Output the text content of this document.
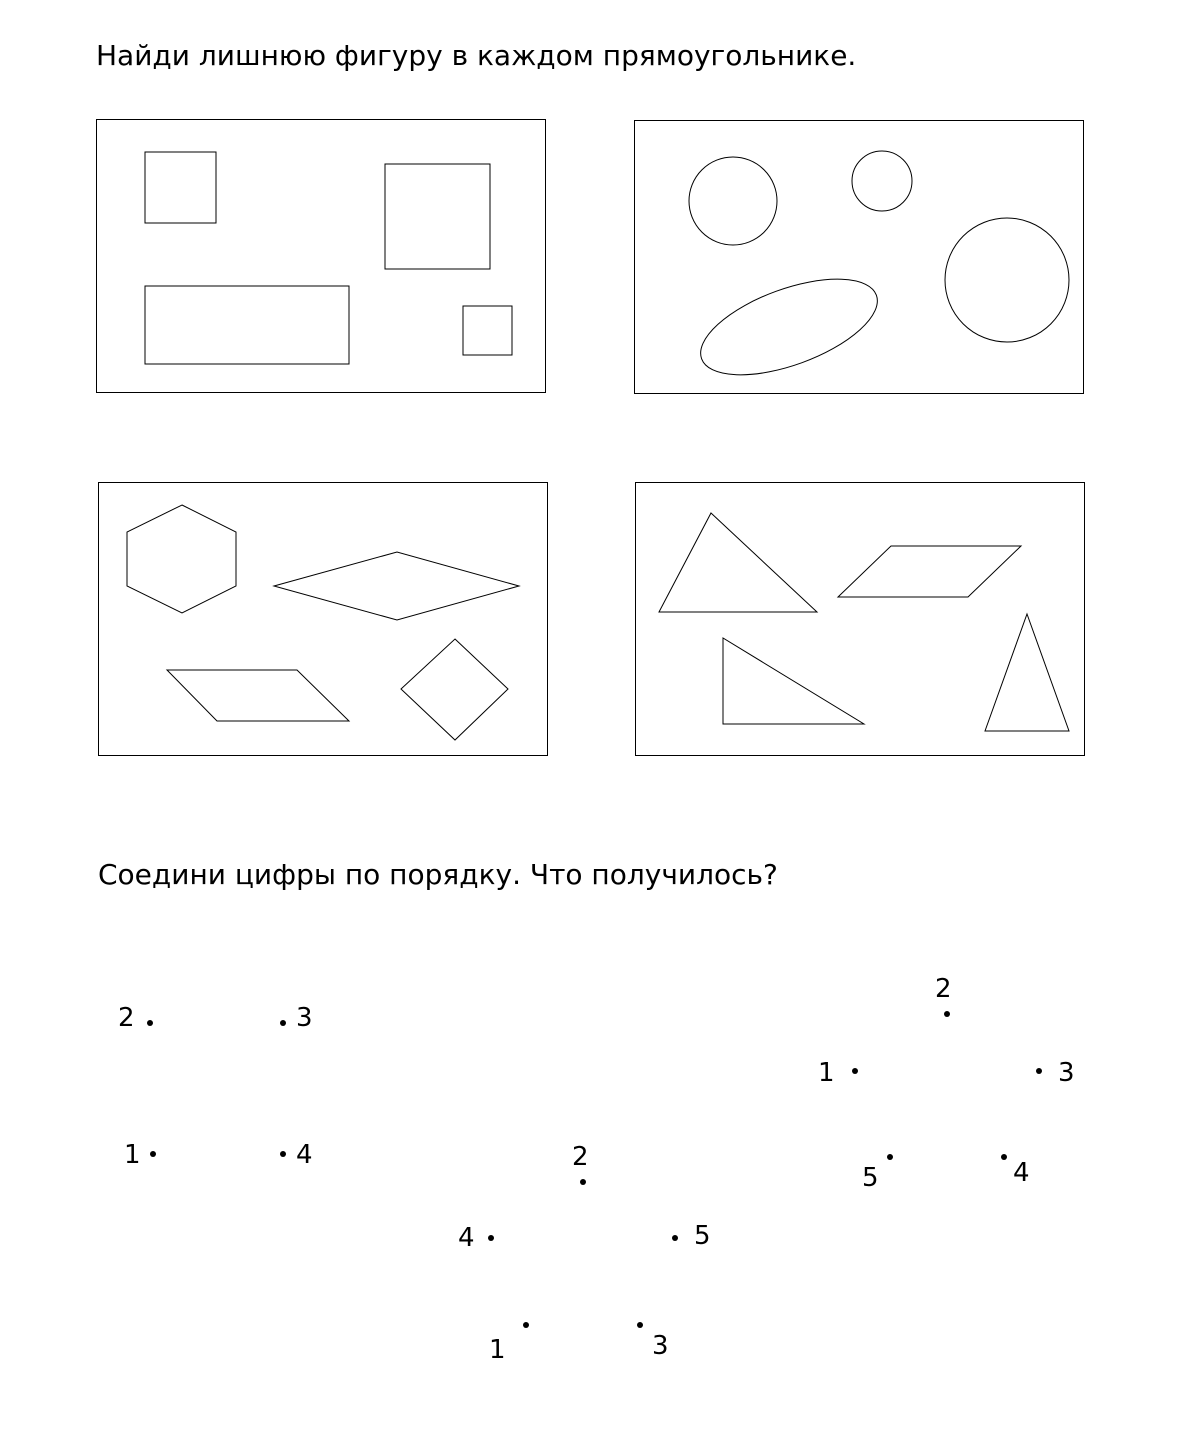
Найди лишнюю фигуру в каждом прямоугольнике.
Соедини цифры по порядку. Что получилось?
2	3
1	4	2
4	5
1	3
2
1	3
5	4
